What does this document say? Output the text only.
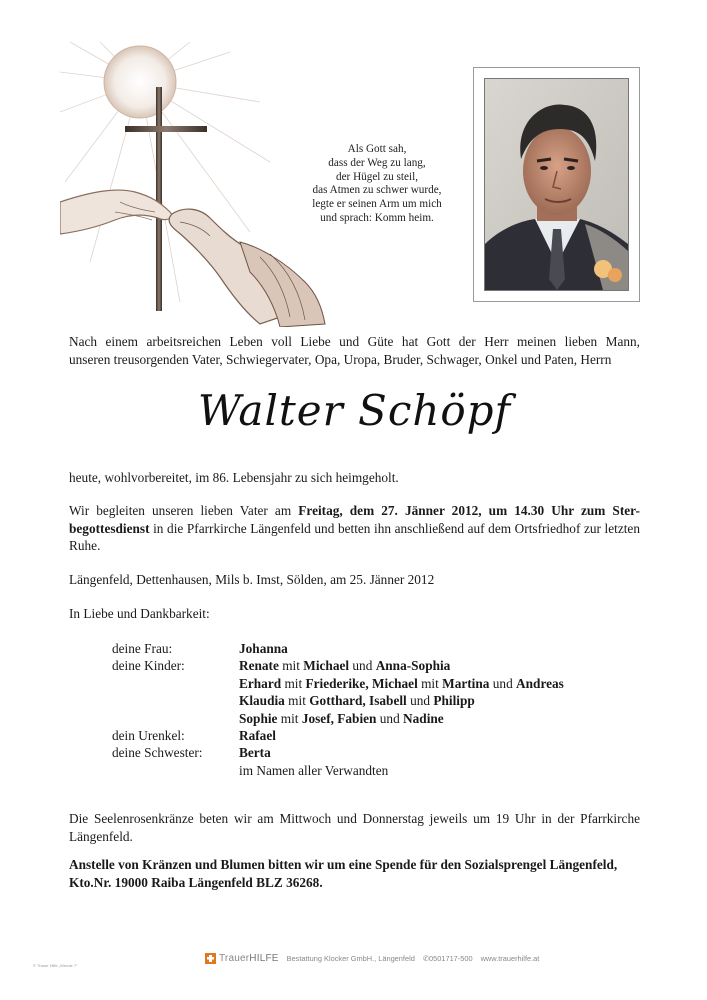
Als Gott sah,
dass der Weg zu lang,
der Hügel zu steil,
das Atmen zu schwer wurde,
legte er seinen Arm um mich
und sprach: Komm heim.
Nach einem arbeitsreichen Leben voll Liebe und Güte hat Gott der Herr meinen lieben Mann,
unseren treusorgenden Vater, Schwiegervater, Opa, Uropa, Bruder, Schwager, Onkel und Paten, Herrn
Walter Schöpf
heute, wohlvorbereitet, im 86. Lebensjahr zu sich heimgeholt.
Wir begleiten unseren lieben Vater am Freitag, dem 27. Jänner 2012, um 14.30 Uhr zum Ster-
begottesdienst in die Pfarrkirche Längenfeld und betten ihn anschließend auf dem Ortsfriedhof zur letzten Ruhe.
Längenfeld, Dettenhausen, Mils b. Imst, Sölden, am 25. Jänner 2012
In Liebe und Dankbarkeit:
deine Frau:	Johanna
deine Kinder:	Renate mit Michael und Anna-Sophia
Erhard mit Friederike, Michael mit Martina und Andreas
Klaudia mit Gotthard, Isabell und Philipp
Sophie mit Josef, Fabien und Nadine
dein Urenkel:	Rafael
deine Schwester:	Berta
im Namen aller Verwandten
Die Seelenrosenkränze beten wir am Mittwoch und Donnerstag jeweils um 19 Uhr in der Pfarrkirche
Längenfeld.
Anstelle von Kränzen und Blumen bitten wir um eine Spende für den Sozialsprengel Längenfeld,
Kto.Nr. 19000 Raiba Längenfeld BLZ 36268.
TrauerHILFE Bestattung Klocker GmbH., Längenfeld ✆0501717-500 www.trauerhilfe.at
© Trauer Hilfe „Wende 7“
